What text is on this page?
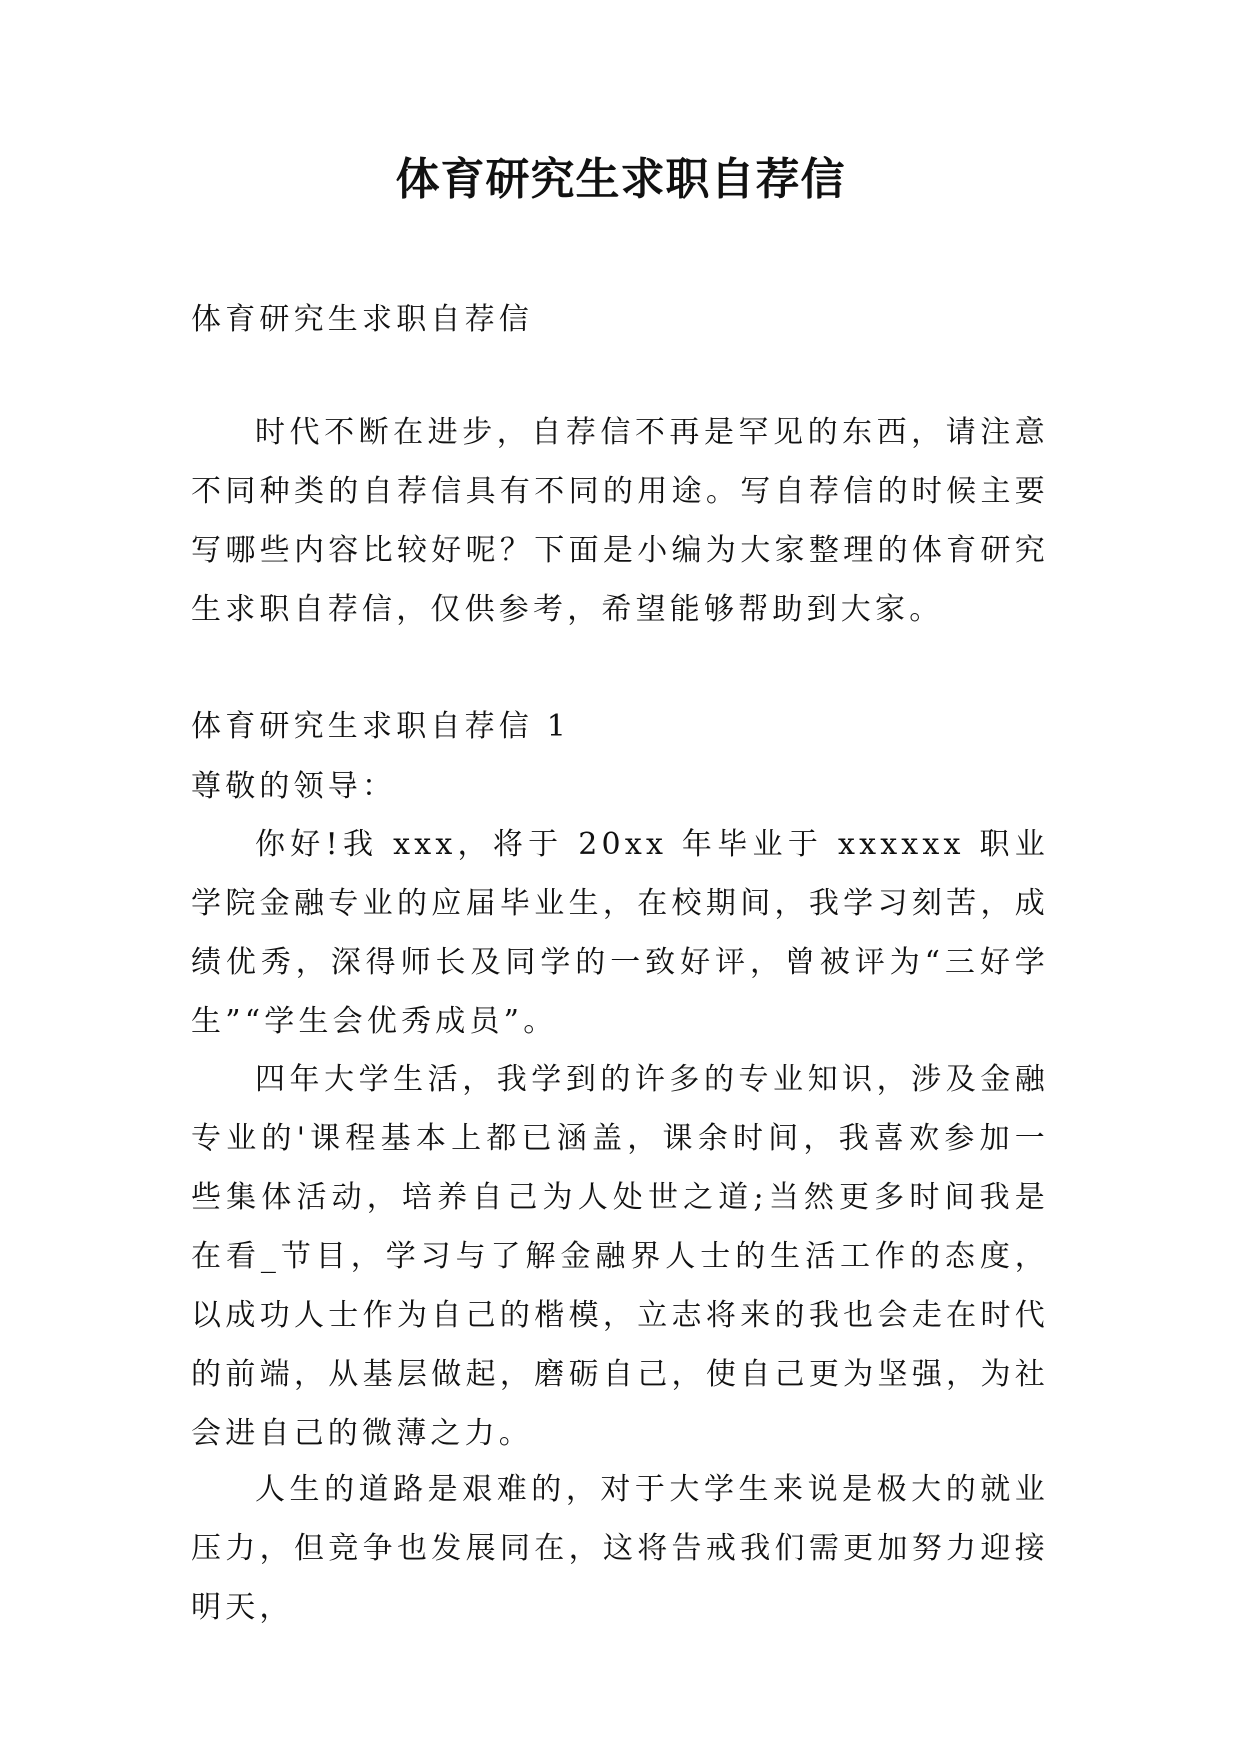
体育研究生求职自荐信

体育研究生求职自荐信

时代不断在进步，自荐信不再是罕见的东西，请注意不同种类的自荐信具有不同的用途。写自荐信的时候主要写哪些内容比较好呢？下面是小编为大家整理的体育研究生求职自荐信，仅供参考，希望能够帮助到大家。

体育研究生求职自荐信 1

尊敬的领导：

你好!我 xxx，将于 20xx 年毕业于 xxxxxx 职业学院金融专业的应届毕业生，在校期间，我学习刻苦，成绩优秀，深得师长及同学的一致好评，曾被评为“三好学生”“学生会优秀成员”。

四年大学生活，我学到的许多的专业知识，涉及金融专业的'课程基本上都已涵盖，课余时间，我喜欢参加一些集体活动，培养自己为人处世之道;当然更多时间我是在看_节目，学习与了解金融界人士的生活工作的态度，以成功人士作为自己的楷模，立志将来的我也会走在时代的前端，从基层做起，磨砺自己，使自己更为坚强，为社会进自己的微薄之力。

人生的道路是艰难的，对于大学生来说是极大的就业压力，但竞争也发展同在，这将告戒我们需更加努力迎接明天，
